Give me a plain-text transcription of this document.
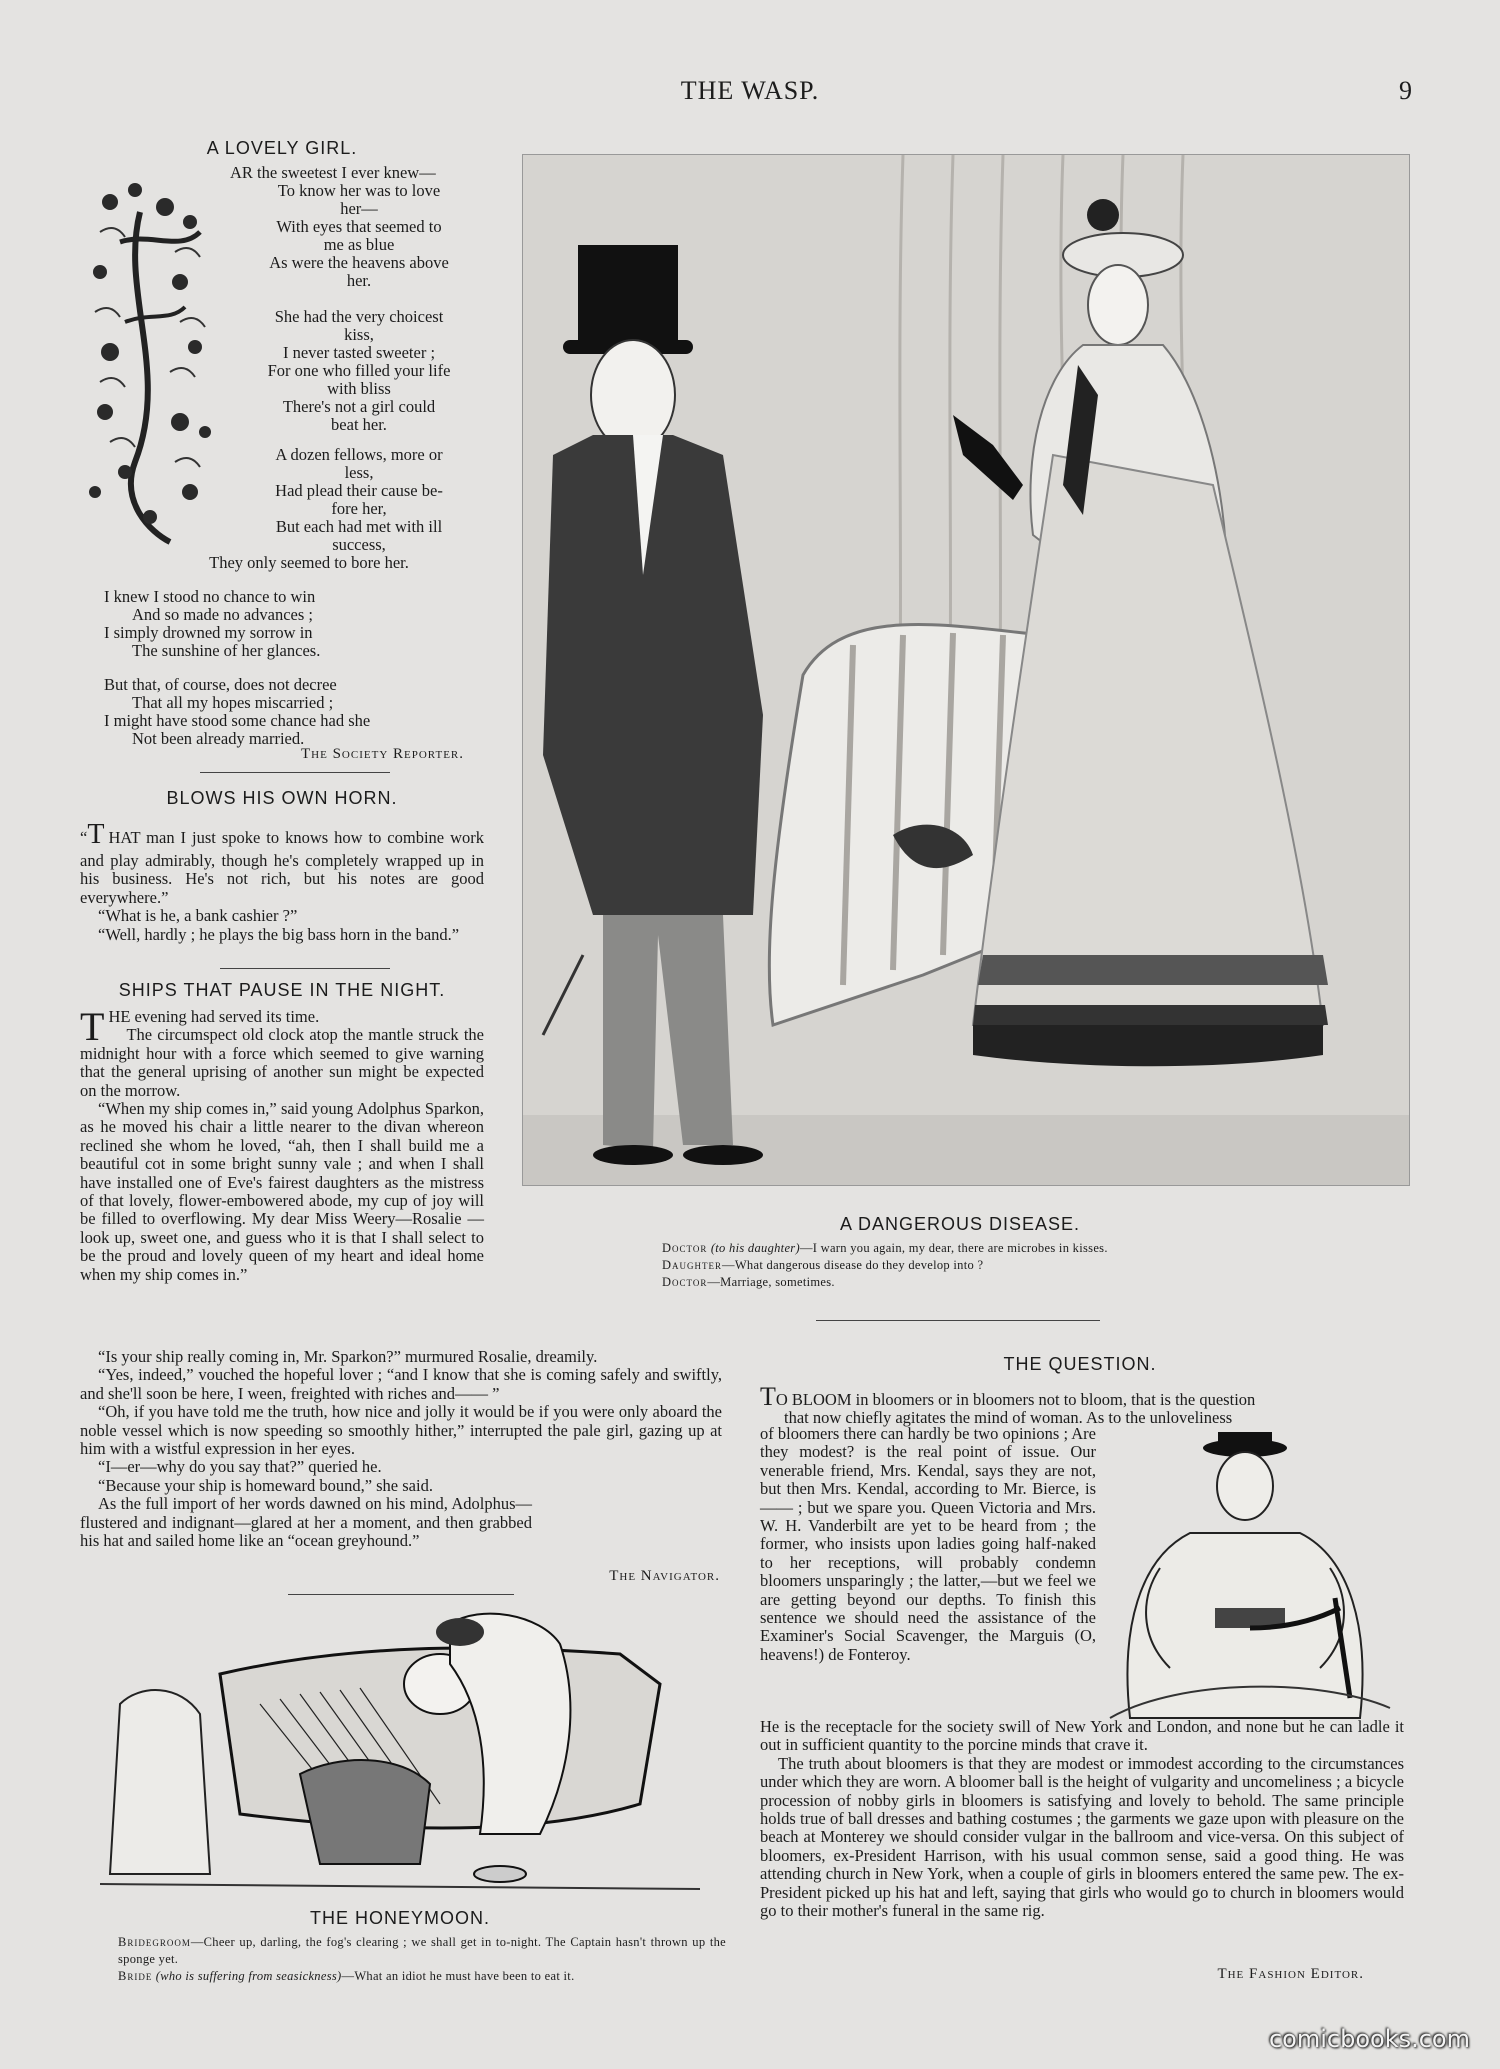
THE WASP.	9
A LOVELY GIRL.
AR the sweetest I ever knew—
To know her was to love
her—
With eyes that seemed to
me as blue
As were the heavens above
her.
She had the very choicest
kiss,
I never tasted sweeter ;
For one who filled your life
with bliss
There's not a girl could
beat her.
A dozen fellows, more or
less,
Had plead their cause be-
fore her,
But each had met with ill
success,
They only seemed to bore her.
I knew I stood no chance to win
And so made no advances ;
I simply drowned my sorrow in
The sunshine of her glances.
But that, of course, does not decree
That all my hopes miscarried ;
I might have stood some chance had she
Not been already married.
The Society Reporter.
BLOWS HIS OWN HORN.

“T HAT man I just spoke to knows how to combine work and play admirably, though he's completely wrapped up in his business. He's not rich, but his notes are good everywhere.”

“What is he, a bank cashier ?”

“Well, hardly ; he plays the big bass horn in the band.”

SHIPS THAT PAUSE IN THE NIGHT.

THE evening had served its time.

The circumspect old clock atop the mantle struck the midnight hour with a force which seemed to give warning that the general uprising of another sun might be expected on the morrow.

“When my ship comes in,” said young Adolphus Sparkon, as he moved his chair a little nearer to the divan whereon reclined she whom he loved, “ah, then I shall build me a beautiful cot in some bright sunny vale ; and when I shall have installed one of Eve's fairest daughters as the mistress of that lovely, flower-embowered abode, my cup of joy will be filled to overflowing. My dear Miss Weery—Rosalie —look up, sweet one, and guess who it is that I shall select to be the proud and lovely queen of my heart and ideal home when my ship comes in.”

“Is your ship really coming in, Mr. Sparkon?” murmured Rosalie, dreamily.

“Yes, indeed,” vouched the hopeful lover ; “and I know that she is coming safely and swiftly, and she'll soon be here, I ween, freighted with riches and—— ”

“Oh, if you have told me the truth, how nice and jolly it would be if you were only aboard the noble vessel which is now speeding so smoothly hither,” interrupted the pale girl, gazing up at him with a wistful expression in her eyes.

“I—er—why do you say that?” queried he.

“Because your ship is homeward bound,” she said.

As the full import of her words dawned on his mind, Adolphus—flustered and indignant—glared at her a moment, and then grabbed his hat and sailed home like an “ocean greyhound.”

The Navigator.
A DANGEROUS DISEASE.
Doctor (to his daughter)—I warn you again, my dear, there are microbes in kisses.
Daughter—What dangerous disease do they develop into ?
Doctor—Marriage, sometimes.
THE QUESTION.
TO BLOOM in bloomers or in bloomers not to bloom, that is the question
that now chiefly agitates the mind of woman. As to the unloveliness

of bloomers there can hardly be two opinions ; Are they modest? is the real point of issue. Our venerable friend, Mrs. Kendal, says they are not, but then Mrs. Kendal, according to Mr. Bierce, is —— ; but we spare you. Queen Victoria and Mrs. W. H. Vanderbilt are yet to be heard from ; the former, who insists upon ladies going half-naked to her receptions, will probably condemn bloomers unsparingly ; the latter,—but we feel we are getting beyond our depths. To finish this sentence we should need the assistance of the Examiner's Social Scavenger, the Marguis (O, heavens!) de Fonteroy.

He is the receptacle for the society swill of New York and London, and none but he can ladle it out in sufficient quantity to the porcine minds that crave it.

The truth about bloomers is that they are modest or immodest according to the circumstances under which they are worn. A bloomer ball is the height of vulgarity and uncomeliness ; a bicycle procession of nobby girls in bloomers is satisfying and lovely to behold. The same principle holds true of ball dresses and bathing costumes ; the garments we gaze upon with pleasure on the beach at Monterey we should consider vulgar in the ballroom and vice-versa. On this subject of bloomers, ex-President Harrison, with his usual common sense, said a good thing. He was attending church in New York, when a couple of girls in bloomers entered the same pew. The ex-President picked up his hat and left, saying that girls who would go to church in bloomers would go to their mother's funeral in the same rig.

The Fashion Editor.
THE HONEYMOON.
Bridegroom—Cheer up, darling, the fog's clearing ; we shall get in to-night. The Captain hasn't thrown up the sponge yet.
Bride (who is suffering from seasickness)—What an idiot he must have been to eat it.
comicbooks.com
